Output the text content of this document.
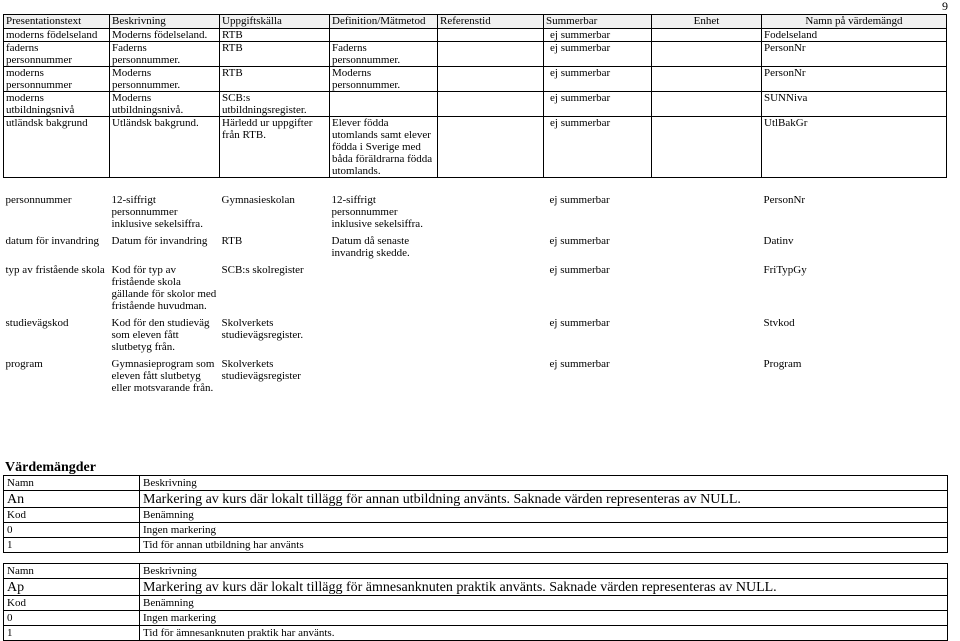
9
Presentationstext	Beskrivning	Uppgiftskälla	Definition/Mätmetod	Referenstid	Summerbar	Enhet	Namn på värdemängd
moderns födelseland	Moderns födelseland.	RTB			ej summerbar		Fodelseland
faderns personnummer	Faderns personnummer.	RTB	Faderns personnummer.		ej summerbar		PersonNr
moderns personnummer	Moderns personnummer.	RTB	Moderns personnummer.		ej summerbar		PersonNr
moderns utbildningsnivå	Moderns utbildningsnivå.	SCB:s utbildningsregister.			ej summerbar		SUNNiva
utländsk bakgrund	Utländsk bakgrund.	Härledd ur uppgifter från RTB.	Elever födda utomlands samt elever födda i Sverige med båda föräldrarna födda utomlands.		ej summerbar		UtlBakGr

personnummer	12-siffrigt personnummer inklusive sekelsiffra.	Gymnasieskolan	12-siffrigt personnummer inklusive sekelsiffra.		ej summerbar		PersonNr
datum för invandring	Datum för invandring	RTB	Datum då senaste invandrig skedde.		ej summerbar		Datinv
typ av fristående skola	Kod för typ av fristående skola gällande för skolor med fristående huvudman.	SCB:s skolregister			ej summerbar		FriTypGy
studievägskod	Kod för den studieväg som eleven fått slutbetyg från.	Skolverkets studievägsregister.			ej summerbar		Stvkod
program	Gymnasieprogram som eleven fått slutbetyg eller motsvarande från.	Skolverkets studievägsregister			ej summerbar		Program
Värdemängder
Namn	Beskrivning
An	Markering av kurs där lokalt tillägg för annan utbildning använts. Saknade värden representeras av NULL.
Kod	Benämning
0	Ingen markering
1	Tid för annan utbildning har använts
Namn	Beskrivning
Ap	Markering av kurs där lokalt tillägg för ämnesanknuten praktik använts. Saknade värden representeras av NULL.
Kod	Benämning
0	Ingen markering
1	Tid för ämnesanknuten praktik har använts.
